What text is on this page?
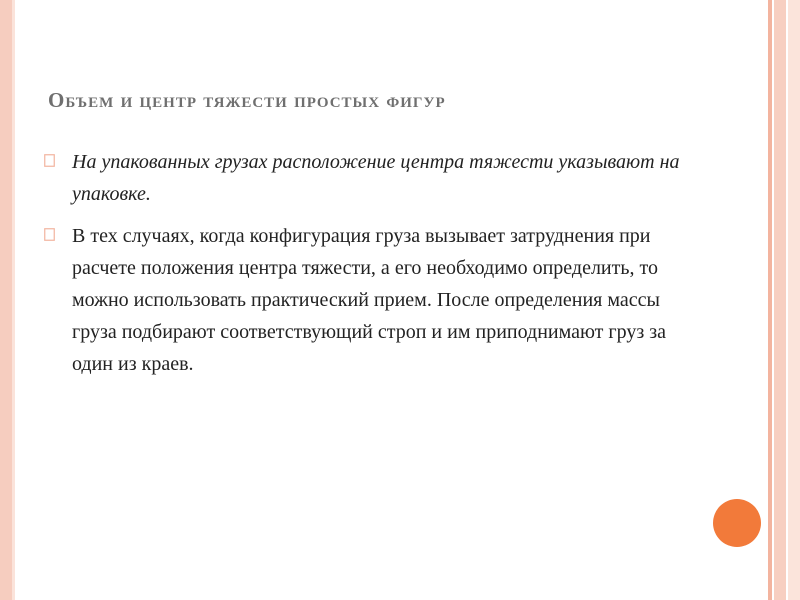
Объем и центр тяжести простых фигур
На упакованных грузах расположение центра тяжести указывают на упаковке.
В тех случаях, когда конфигурация груза вызывает затруднения при расчете положения центра тяжести, а его необходимо определить, то можно использовать практический прием. После определения массы груза подбирают соответствующий строп и им приподнимают груз за один из краев.
